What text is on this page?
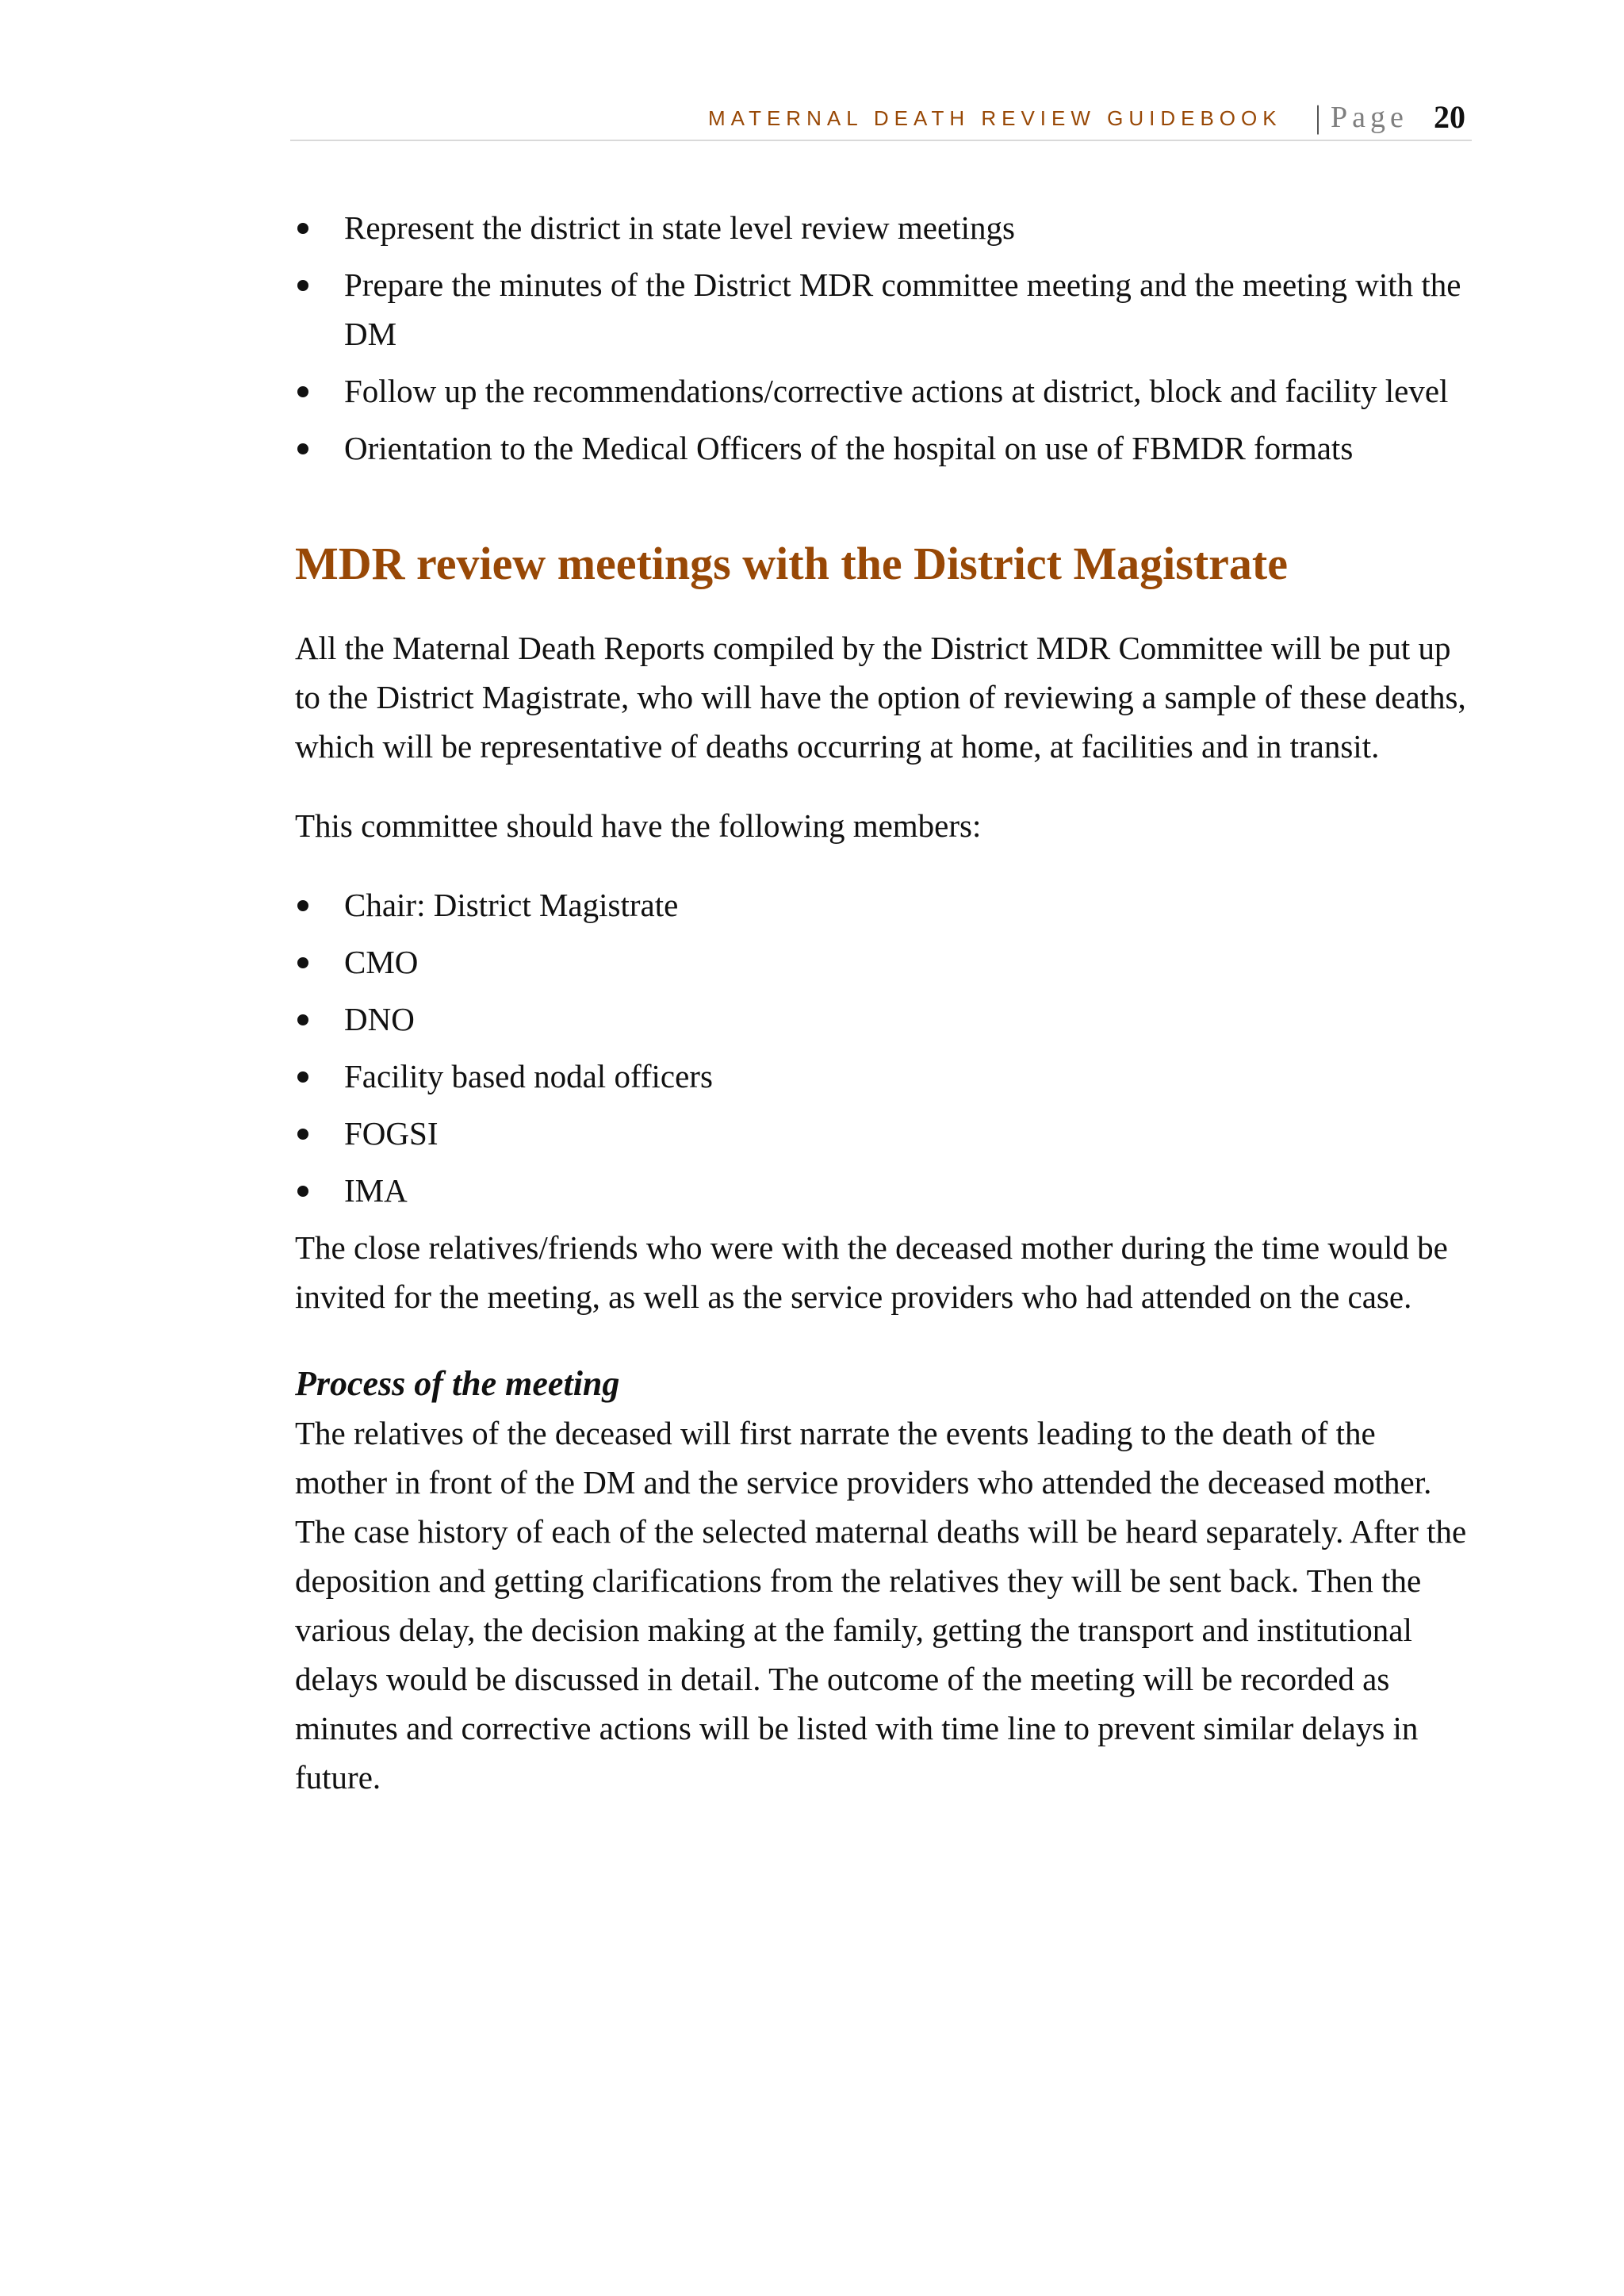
MATERNAL DEATH REVIEW GUIDEBOOK | Page 20
Represent the district in state level review meetings
Prepare the minutes of the District MDR committee meeting and the meeting with the DM
Follow up the recommendations/corrective actions at district, block and facility level
Orientation to the Medical Officers of the hospital on use of FBMDR formats
MDR review meetings with the District Magistrate

All the Maternal Death Reports compiled by the District MDR Committee will be put up to the District Magistrate, who will have the option of reviewing a sample of these deaths, which will be representative of deaths occurring at home, at facilities and in transit.

This committee should have the following members:

Chair: District Magistrate
CMO
DNO
Facility based nodal officers
FOGSI
IMA

The close relatives/friends who were with the deceased mother during the time would be invited for the meeting, as well as the service providers who had attended on the case.

Process of the meeting

The relatives of the deceased will first narrate the events leading to the death of the mother in front of the DM and the service providers who attended the deceased mother. The case history of each of the selected maternal deaths will be heard separately. After the deposition and getting clarifications from the relatives they will be sent back. Then the various delay, the decision making at the family, getting the transport and institutional delays would be discussed in detail. The outcome of the meeting will be recorded as minutes and corrective actions will be listed with time line to prevent similar delays in future.
